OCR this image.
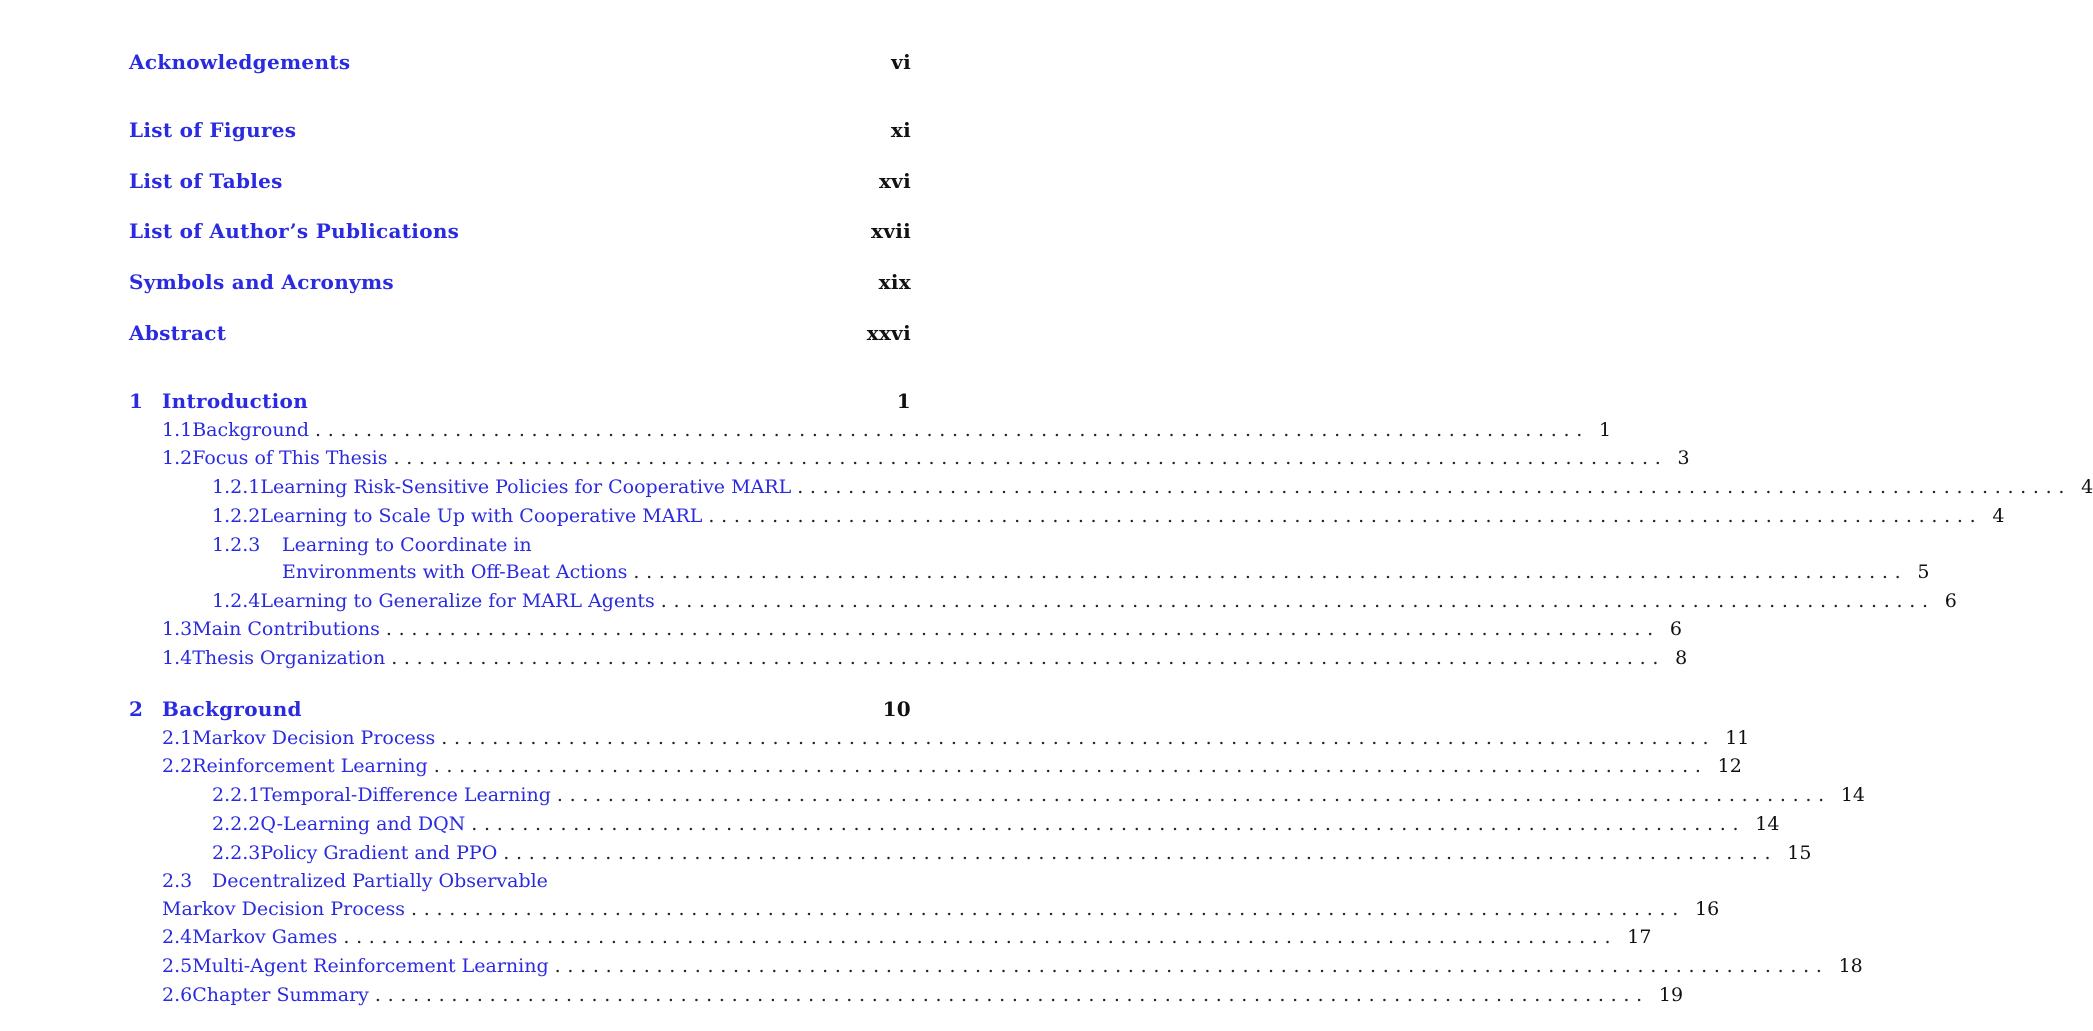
Acknowledgements	vi
List of Figures	xi
List of Tables	xvi
List of Author’s Publications	xvii
Symbols and Acronyms	xix
Abstract	xxvi
1 Introduction	1
1.1 Background .................................................................................................... 1
1.2 Focus of This Thesis .................................................................................................... 3
1.2.1 Learning Risk-Sensitive Policies for Cooperative MARL .................................................................................................... 4
1.2.2 Learning to Scale Up with Cooperative MARL .................................................................................................... 4
1.2.3	Learning to Coordinate in
Environments with Off-Beat Actions .................................................................................................... 5
1.2.4 Learning to Generalize for MARL Agents .................................................................................................... 6
1.3 Main Contributions .................................................................................................... 6
1.4 Thesis Organization .................................................................................................... 8
2 Background	10
2.1 Markov Decision Process .................................................................................................... 11
2.2 Reinforcement Learning .................................................................................................... 12
2.2.1 Temporal-Difference Learning .................................................................................................... 14
2.2.2 Q-Learning and DQN .................................................................................................... 14
2.2.3 Policy Gradient and PPO .................................................................................................... 15
2.3	Decentralized Partially Observable
Markov Decision Process .................................................................................................... 16
2.4 Markov Games .................................................................................................... 17
2.5 Multi-Agent Reinforcement Learning .................................................................................................... 18
2.6 Chapter Summary .................................................................................................... 19
